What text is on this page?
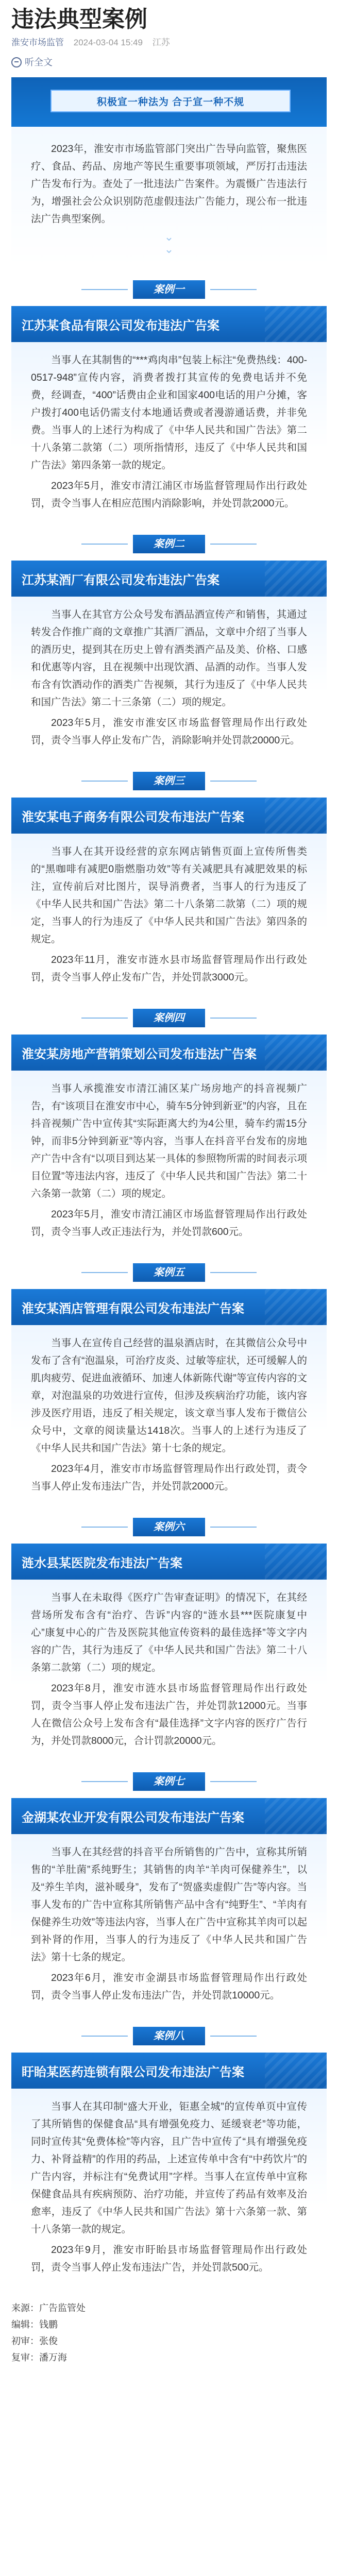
违法典型案例
淮安市场监管 2024-03-04 15:49 江苏
听全文
积极宣一种法为 合于宣一种不规

2023年，淮安市市场监管部门突出广告导向监管，聚焦医疗、食品、药品、房地产等民生重要事项领域，严厉打击违法广告发布行为。查处了一批违法广告案件。为震慑广告违法行为，增强社会公众识别防范虚假违法广告能力，现公布一批违法广告典型案例。

⌄
⌄
案例一
江苏某食品有限公司发布违法广告案

当事人在其制售的“***鸡肉串”包装上标注“免费热线：400-0517-948”宣传内容，消费者拨打其宣传的免费电话并不免费，经调查，“400”话费由企业和国家400电话的用户分摊，客户拨打400电话仍需支付本地通话费或者漫游通话费，并非免费。当事人的上述行为构成了《中华人民共和国广告法》第二十八条第二款第（二）项所指情形，违反了《中华人民共和国广告法》第四条第一款的规定。

2023年5月，淮安市清江浦区市场监督管理局作出行政处罚，责令当事人在相应范围内消除影响，并处罚款2000元。

案例二
江苏某酒厂有限公司发布违法广告案

当事人在其官方公众号发布酒品酒宣传产和销售，其通过转发合作推广商的文章推广其酒厂酒品，文章中介绍了当事人的酒历史，提到其在历史上曾有酒类酒产品及美、价格、口感和优惠等内容，且在视频中出现饮酒、品酒的动作。当事人发布含有饮酒动作的酒类广告视频，其行为违反了《中华人民共和国广告法》第二十三条第（二）项的规定。

2023年5月，淮安市淮安区市场监督管理局作出行政处罚，责令当事人停止发布广告，消除影响并处罚款20000元。

案例三
淮安某电子商务有限公司发布违法广告案

当事人在其开设经营的京东网店销售页面上宣传所售类的“黑咖啡有减肥0脂燃脂功效”等有关减肥具有减肥效果的标注，宣传前后对比图片，误导消费者，当事人的行为违反了《中华人民共和国广告法》第二十八条第二款第（二）项的规定，当事人的行为违反了《中华人民共和国广告法》第四条的规定。

2023年11月，淮安市涟水县市场监督管理局作出行政处罚，责令当事人停止发布广告，并处罚款3000元。

案例四
淮安某房地产营销策划公司发布违法广告案

当事人承揽淮安市清江浦区某广场房地产的抖音视频广告，有“该项目在淮安市中心，骑车5分钟到新亚”的内容，且在抖音视频广告中宣传其“实际距离大约为4公里，骑车约需15分钟，而非5分钟到新亚”等内容，当事人在抖音平台发布的房地产广告中含有“以项目到达某一具体的参照物所需的时间表示项目位置”等违法内容，违反了《中华人民共和国广告法》第二十六条第一款第（二）项的规定。

2023年5月，淮安市清江浦区市场监督管理局作出行政处罚，责令当事人改正违法行为，并处罚款600元。

案例五
淮安某酒店管理有限公司发布违法广告案

当事人在宣传自己经营的温泉酒店时，在其微信公众号中发布了含有“泡温泉，可治疗皮炎、过敏等症状，还可缓解人的肌肉疲劳、促进血液循环、加速人体新陈代谢”等宣传内容的文章，对泡温泉的功效进行宣传，但涉及疾病治疗功能，该内容涉及医疗用语，违反了相关规定，该文章当事人发布于微信公众号中，文章的阅读量达1418次。当事人的上述行为违反了《中华人民共和国广告法》第十七条的规定。

2023年4月，淮安市市场监督管理局作出行政处罚，责令当事人停止发布违法广告，并处罚款2000元。

案例六
涟水县某医院发布违法广告案

当事人在未取得《医疗广告审查证明》的情况下，在其经营场所发布含有“治疗、告诉”内容的“涟水县***医院康复中心”康复中心的广告及医院其他宣传资料的最佳选择”等文字内容的广告，其行为违反了《中华人民共和国广告法》第二十八条第二款第（二）项的规定。

2023年8月，淮安市涟水县市场监督管理局作出行政处罚，责令当事人停止发布违法广告，并处罚款12000元。当事人在微信公众号上发布含有“最佳选择”文字内容的医疗广告行为，并处罚款8000元，合计罚款20000元。

案例七
金湖某农业开发有限公司发布违法广告案

当事人在其经营的抖音平台所销售的广告中，宣称其所销售的“羊肚菌”系纯野生；其销售的肉羊“羊肉可保健养生”，以及“养生羊肉，滋补暖身”，发布了“贺盛卖虚假广告”等内容。当事人发布的广告中宣称其所销售产品中含有“纯野生”、“羊肉有保健养生功效”等违法内容，当事人在广告中宣称其羊肉可以起到补肾的作用，当事人的行为违反了《中华人民共和国广告法》第十七条的规定。

2023年6月，淮安市金湖县市场监督管理局作出行政处罚，责令当事人停止发布违法广告，并处罚款10000元。

案例八
盱眙某医药连锁有限公司发布违法广告案

当事人在其印制“盛大开业，钜惠全城”的宣传单页中宣传了其所销售的保健食品“具有增强免疫力、延缓衰老”等功能，同时宣传其“免费体检”等内容，且广告中宣传了“具有增强免疫力、补肾益精”的作用的药品，上述宣传单中含有“中药饮片”的广告内容，并标注有“免费试用”字样。当事人在宣传单中宣称保健食品具有疾病预防、治疗功能，并宣传了药品有效率及治愈率，违反了《中华人民共和国广告法》第十六条第一款、第十八条第一款的规定。

2023年9月，淮安市盱眙县市场监督管理局作出行政处罚，责令当事人停止发布违法广告，并处罚款500元。

来源：广告监管处
编辑：钱鹏
初审：张俊
复审：潘万海
